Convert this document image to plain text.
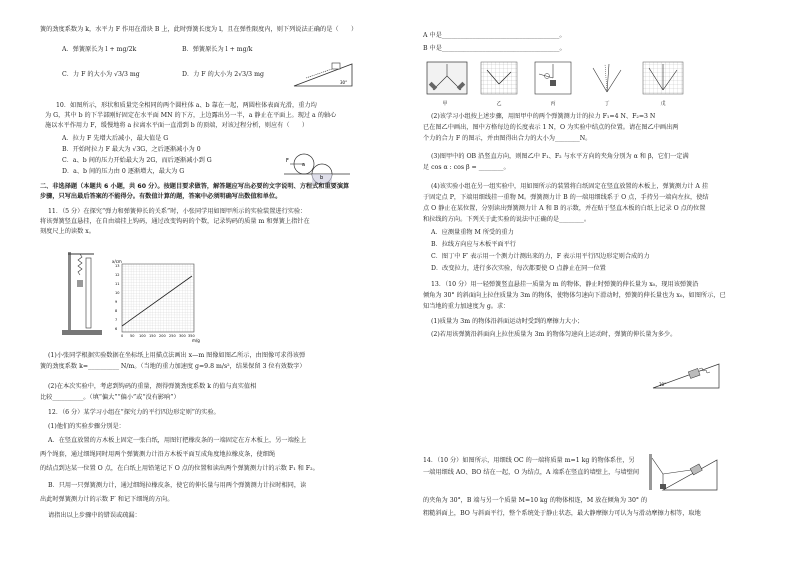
簧的劲度系数为 k，水平力 F 作用在滑块 B 上，此时弹簧长度为 l，且在弹性限度内，则下列说法正确的是（　　）
30°
A．弹簧原长为 l + mg/2k	B．弹簧原长为 l + mg/k
C．力 F 的大小为 √3/3 mg	D．力 F 的大小为 2√3/3 mg
10．如图所示，形状和质量完全相同的两个圆柱体 a、b 靠在一起，两圆柱体表面光滑，重力均
为 G，其中 b 的下半部刚好固定在水平面 MN 的下方，上边露出另一半，a 静止在平面上。现过 a 的轴心
施以水平作用力 F，缓慢地将 a 拉离水平面一直滑到 b 的顶端，对该过程分析，则应有（　　）
A．拉力 F 先增大后减小，最大值是 G
B．开始时拉力 F 最大为 √3G，之后逐渐减小为 0
C．a、b 间的压力开始最大为 2G，而后逐渐减小到 G
D．a、b 间的压力由 0 逐渐增大，最大为 G
F
a
b
二、非选择题（本题共 6 小题，共 60 分）。按题目要求做答，解答题应写出必要的文字说明、方程式和重要演算
步骤，只写出最后答案的不能得分。有数值计算的题，答案中必须明确写出数值和单位。
11．（5 分）在探究“弹力和弹簧伸长的关系”时，小张同学用如图甲所示的实验装置进行实验：
将该弹簧竖直悬挂，在自由端挂上钩码，通过改变钩码的个数，记录钩码的质量 m 和弹簧上指针在
刻度尺上的读数 x。
x/cm
m/g
13
12
11
10
9
8
7
6
0 50 100 150 200 250 300 350
(1)小张同学根据实验数据在坐标纸上用描点法画出 x—m 图像如图乙所示，由图像可求得该弹
簧的劲度系数 k=__________ N/m。（当地的重力加速度 g=9.8 m/s²，结果保留 3 位有效数字）
(2)在本次实验中，考虑到钩码的重量，测得弹簧劲度系数 k 的值与真实值相
比较__________。（填“偏大”“偏小”或“没有影响”）
12．（6 分）某学习小组在“探究力的平行四边形定则”的实验。
(1)他们的实验步骤分别是：
A．在竖直放置的方木板上固定一张白纸，用图钉把橡皮条的一端固定在方木板上，另一端拴上
两个绳套，通过细绳同时用两个弹簧测力计沿方木板平面互成角度地拉橡皮条，使细绳
的结点到达某一位置 O 点，在白纸上用铅笔记下 O 点的位置和读出两个弹簧测力计的示数 F₁ 和 F₂。
B．只用一只弹簧测力计，通过细绳拉橡皮条，使它的伸长量与用两个弹簧测力计拉时相同，读
出此时弹簧测力计的示数 F′ 和记下细绳的方向。
请指出以上步骤中的错误或疏漏：
A 中是______________________________________。
B 中是______________________________________。
甲	乙	丙	丁	戊
(2)该学习小组按上述步骤，用图甲中的两个弹簧测力计的拉力 F₁=4 N、F₂=3 N
已在图乙中画出，图中方格每边的长度表示 1 N，O 为实验中结点的位置。请在图乙中画出两
个力的合力 F 的图示，并由图得出合力的大小为________N。
(3)图甲中的 OB 沿竖直方向，则图乙中 F₁、F₂ 与水平方向的夹角分别为 α 和 β，它们一定满
足 cos α : cos β = ________。
(4)该实验小组在另一组实验中，用如图所示的装置将白纸固定在竖直放置的木板上，弹簧测力计 A 挂
于固定点 P，下端用细线挂一重物 M。弹簧测力计 B 的一端用细线系于 O 点，手持另一端向左拉，使结
点 O 静止在某位置，分别读出弹簧测力计 A 和 B 的示数，并在贴于竖直木板的白纸上记录 O 点的位置
和拉线的方向。下列关于此实验的说法中正确的是________。
A．应测量重物 M 所受的重力
B．拉线方向应与木板平面平行
C．图丁中 F′ 表示用一个测力计测出来的力，F 表示用平行四边形定则合成的力
D．改变拉力，进行多次实验，每次都要使 O 点静止在同一位置
13．（10 分）用一轻弹簧竖直悬挂一质量为 m 的物体，静止时弹簧的伸长量为 x₀，现用该弹簧沿
倾角为 30° 的斜面向上拉住质量为 3m 的物体，使物体匀速向下滑动时，弹簧的伸长量也为 x₀，如图所示，已
知当地的重力加速度为 g。求：
(1)质量为 3m 的物体沿斜面运动时受到的摩擦力大小；
(2)若用该弹簧沿斜面向上拉住质量为 3m 的物体匀速向上运动时，弹簧的伸长量为多少。
30°
14．（10 分）如图所示，用细线 OC 的一端将质量 m=1 kg 的物体系住，另
一端用细线 AO、BO 结在一起，O 为结点，A 端系在竖直的墙壁上，与墙壁间
的夹角为 30°，B 端与另一个质量 M=10 kg 的物体相连，M 放在倾角为 30° 的
粗糙斜面上，BO 与斜面平行，整个系统处于静止状态，最大静摩擦力可认为与滑动摩擦力相等，取地
